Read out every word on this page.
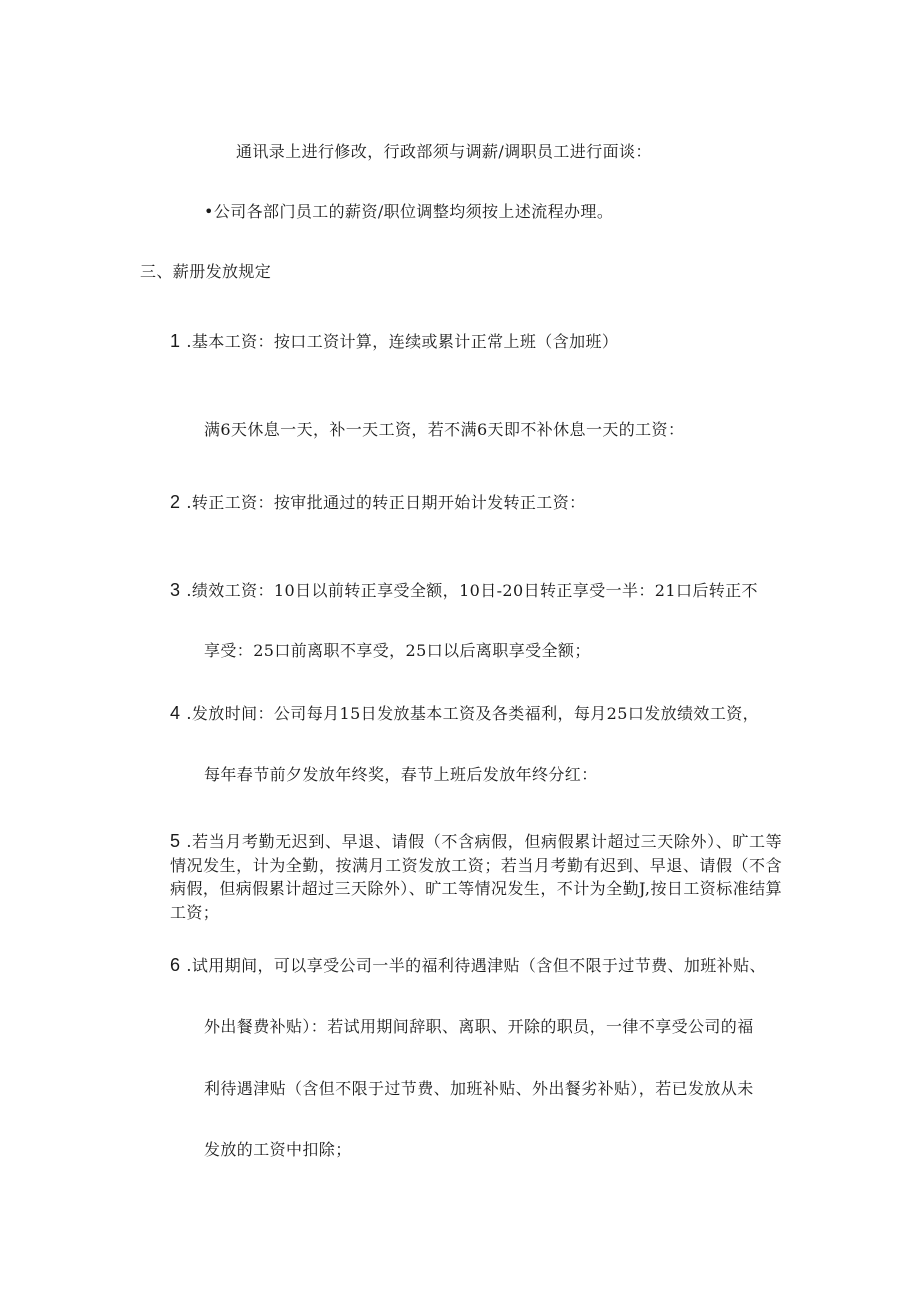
通讯录上进行修改，行政部须与调薪/调职员工进行面谈：
•公司各部门员工的薪资/职位调整均须按上述流程办理。
三、薪册发放规定
1 .基本工资：按口工资计算，连续或累计正常上班（含加班）
满6天休息一天，补一天工资，若不满6天即不补休息一天的工资：
2 .转正工资：按审批通过的转正日期开始计发转正工资：
3 .绩效工资：10日以前转正享受全额，10日-20日转正享受一半：21口后转正不
享受：25口前离职不享受，25口以后离职享受全额；
4 .发放时间：公司每月15日发放基本工资及各类福利，每月25口发放绩效工资，
每年春节前夕发放年终奖，春节上班后发放年终分红：
5 .若当月考勤无迟到、早退、请假（不含病假，但病假累计超过三天除外）、旷工等情况发生，计为全勤，按满月工资发放工资；若当月考勤有迟到、早退、请假（不含病假，但病假累计超过三天除外）、旷工等情况发生，不计为全勤J,按日工资标准结算工资；
6 .试用期间，可以享受公司一半的福利待遇津贴（含但不限于过节费、加班补贴、
外出餐费补贴）：若试用期间辞职、离职、开除的职员，一律不享受公司的福
利待遇津贴（含但不限于过节费、加班补贴、外出餐劣补贴），若已发放从未
发放的工资中扣除；
